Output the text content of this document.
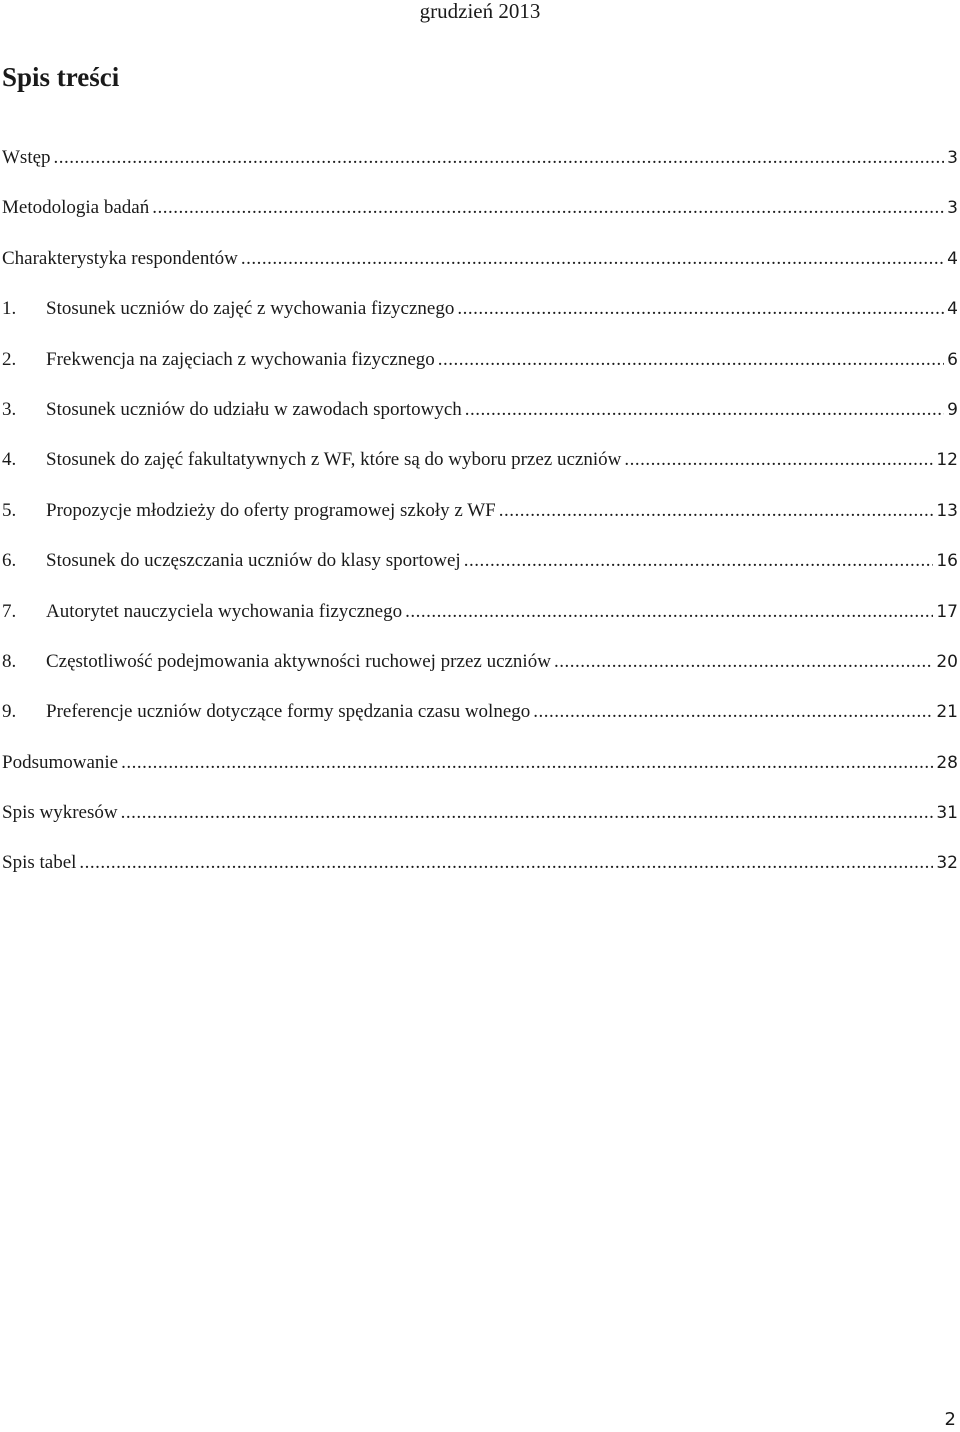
grudzień 2013
Spis treści
Wstęp .....	3
Metodologia badań .....	3
Charakterystyka respondentów .....	4
1.	Stosunek uczniów do zajęć z wychowania fizycznego .....	4
2.	Frekwencja na zajęciach z wychowania fizycznego .....	6
3.	Stosunek uczniów do udziału w zawodach sportowych .....	9
4.	Stosunek do zajęć fakultatywnych z WF, które są do wyboru przez uczniów .....	12
5.	Propozycje młodzieży do oferty programowej szkoły z WF .....	13
6.	Stosunek do uczęszczania uczniów do klasy sportowej .....	16
7.	Autorytet nauczyciela wychowania fizycznego .....	17
8.	Częstotliwość podejmowania aktywności ruchowej przez uczniów .....	20
9.	Preferencje uczniów dotyczące formy spędzania czasu wolnego .....	21
Podsumowanie .....	28
Spis wykresów .....	31
Spis tabel .....	32
2
